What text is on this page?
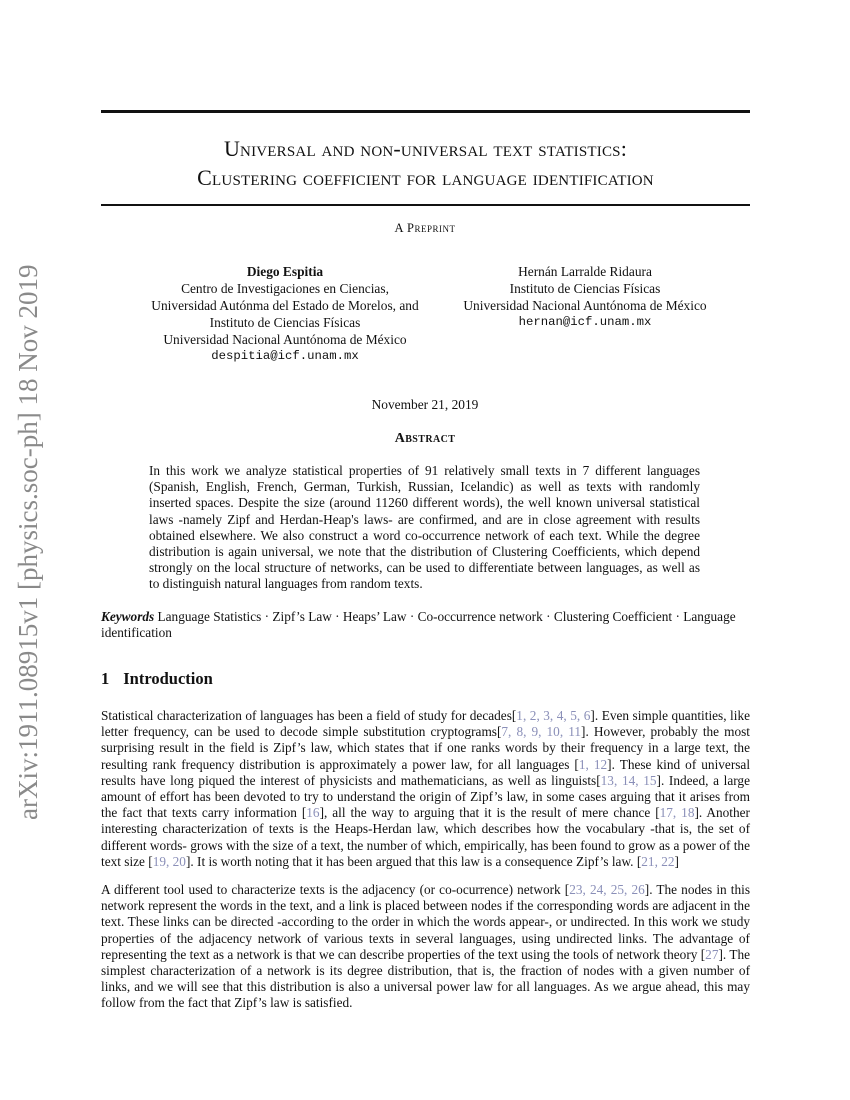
arXiv:1911.08915v1 [physics.soc-ph] 18 Nov 2019
Universal and non-universal text statistics:
Clustering coefficient for language identification
A Preprint
Diego Espitia
Centro de Investigaciones en Ciencias,
Universidad Autónma del Estado de Morelos, and
Instituto de Ciencias Físicas
Universidad Nacional Auntónoma de México
despitia@icf.unam.mx
Hernán Larralde Ridaura
Instituto de Ciencias Físicas
Universidad Nacional Auntónoma de México
hernan@icf.unam.mx
November 21, 2019
Abstract
In this work we analyze statistical properties of 91 relatively small texts in 7 different languages (Spanish, English, French, German, Turkish, Russian, Icelandic) as well as texts with randomly inserted spaces. Despite the size (around 11260 different words), the well known universal statistical laws -namely Zipf and Herdan-Heap's laws- are confirmed, and are in close agreement with results obtained elsewhere. We also construct a word co-occurrence network of each text. While the degree distribution is again universal, we note that the distribution of Clustering Coefficients, which depend strongly on the local structure of networks, can be used to differentiate between languages, as well as to distinguish natural languages from random texts.
Keywords Language Statistics · Zipf’s Law · Heaps’ Law · Co-occurrence network · Clustering Coefficient · Language identification
1 Introduction
Statistical characterization of languages has been a field of study for decades[1, 2, 3, 4, 5, 6]. Even simple quantities, like letter frequency, can be used to decode simple substitution cryptograms[7, 8, 9, 10, 11]. However, probably the most surprising result in the field is Zipf’s law, which states that if one ranks words by their frequency in a large text, the resulting rank frequency distribution is approximately a power law, for all languages [1, 12]. These kind of universal results have long piqued the interest of physicists and mathematicians, as well as linguists[13, 14, 15]. Indeed, a large amount of effort has been devoted to try to understand the origin of Zipf’s law, in some cases arguing that it arises from the fact that texts carry information [16], all the way to arguing that it is the result of mere chance [17, 18]. Another interesting characterization of texts is the Heaps-Herdan law, which describes how the vocabulary -that is, the set of different words- grows with the size of a text, the number of which, empirically, has been found to grow as a power of the text size [19, 20]. It is worth noting that it has been argued that this law is a consequence Zipf’s law. [21, 22]
A different tool used to characterize texts is the adjacency (or co-ocurrence) network [23, 24, 25, 26]. The nodes in this network represent the words in the text, and a link is placed between nodes if the corresponding words are adjacent in the text. These links can be directed -according to the order in which the words appear-, or undirected. In this work we study properties of the adjacency network of various texts in several languages, using undirected links. The advantage of representing the text as a network is that we can describe properties of the text using the tools of network theory [27]. The simplest characterization of a network is its degree distribution, that is, the fraction of nodes with a given number of links, and we will see that this distribution is also a universal power law for all languages. As we argue ahead, this may follow from the fact that Zipf’s law is satisfied.
